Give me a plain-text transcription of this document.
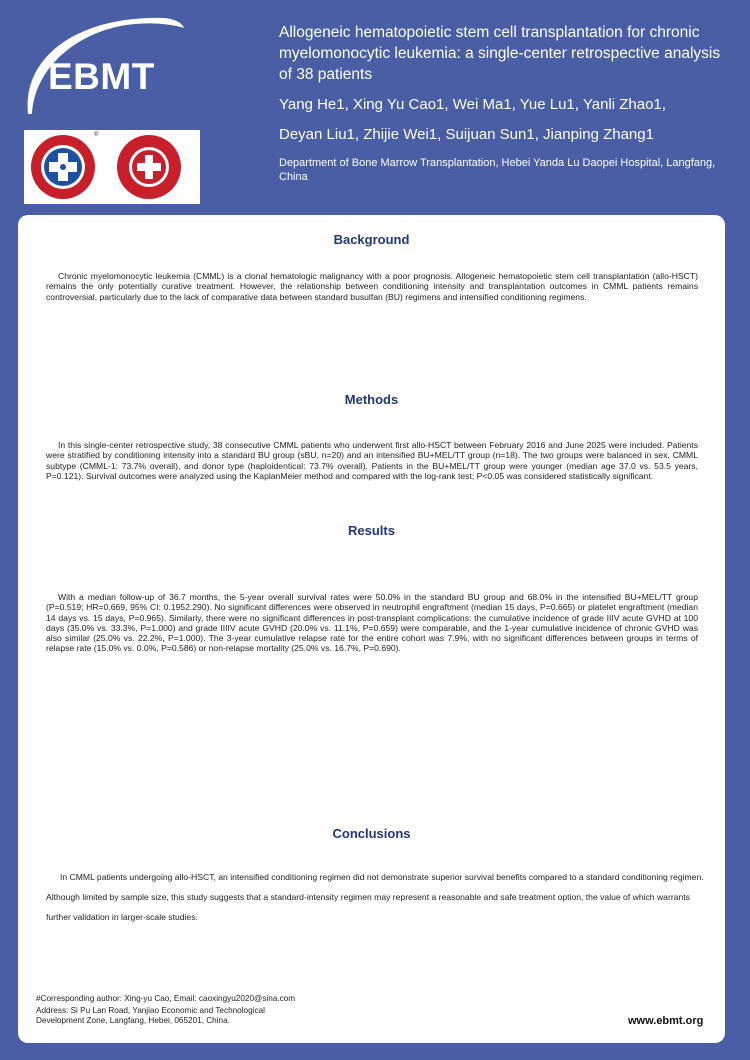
EBMT
®
Allogeneic hematopoietic stem cell transplantation for chronic myelomonocytic leukemia: a single-center retrospective analysis of 38 patients
Yang He1, Xing Yu Cao1, Wei Ma1, Yue Lu1, Yanli Zhao1,
Deyan Liu1, Zhijie Wei1, Suijuan Sun1, Jianping Zhang1

Department of Bone Marrow Transplantation, Hebei Yanda Lu Daopei Hospital, Langfang, China

Background

Chronic myelomonocytic leukemia (CMML) is a clonal hematologic malignancy with a poor prognosis. Allogeneic hematopoietic stem cell transplantation (allo-HSCT) remains the only potentially curative treatment. However, the relationship between conditioning intensity and transplantation outcomes in CMML patients remains controversial, particularly due to the lack of comparative data between standard busulfan (BU) regimens and intensified conditioning regimens.

Methods

In this single-center retrospective study, 38 consecutive CMML patients who underwent first allo-HSCT between February 2016 and June 2025 were included. Patients were stratified by conditioning intensity into a standard BU group (sBU, n=20) and an intensified BU+MEL/TT group (n=18). The two groups were balanced in sex, CMML subtype (CMML-1: 73.7% overall), and donor type (haploidentical: 73.7% overall). Patients in the BU+MEL/TT group were younger (median age 37.0 vs. 53.5 years, P=0.121). Survival outcomes were analyzed using the KaplanMeier method and compared with the log-rank test; P<0.05 was considered statistically significant.

Results

With a median follow-up of 36.7 months, the 5-year overall survival rates were 50.0% in the standard BU group and 68.0% in the intensified BU+MEL/TT group (P=0.519; HR=0.669, 95% CI: 0.1952.290). No significant differences were observed in neutrophil engraftment (median 15 days, P=0.665) or platelet engraftment (median 14 days vs. 15 days, P=0.965). Similarly, there were no significant differences in post-transplant complications: the cumulative incidence of grade IIIV acute GVHD at 100 days (35.0% vs. 33.3%, P=1.000) and grade IIIIV acute GVHD (20.0% vs. 11.1%, P=0.659) were comparable, and the 1-year cumulative incidence of chronic GVHD was also similar (25.0% vs. 22.2%, P=1.000). The 3-year cumulative relapse rate for the entire cohort was 7.9%, with no significant differences between groups in terms of relapse rate (15.0% vs. 0.0%, P=0.586) or non-relapse mortality (25.0% vs. 16.7%, P=0.690).

Conclusions

In CMML patients undergoing allo-HSCT, an intensified conditioning regimen did not demonstrate superior survival benefits compared to a standard conditioning regimen. Although limited by sample size, this study suggests that a standard-intensity regimen may represent a reasonable and safe treatment option, the value of which warrants further validation in larger-scale studies.

#Corresponding author: Xing-yu Cao, Email: caoxingyu2020@sina.com

Address: Si Pu Lan Road, Yanjiao Economic and Technological
Development Zone, Langfang, Hebei, 065201, China.	www.ebmt.org
